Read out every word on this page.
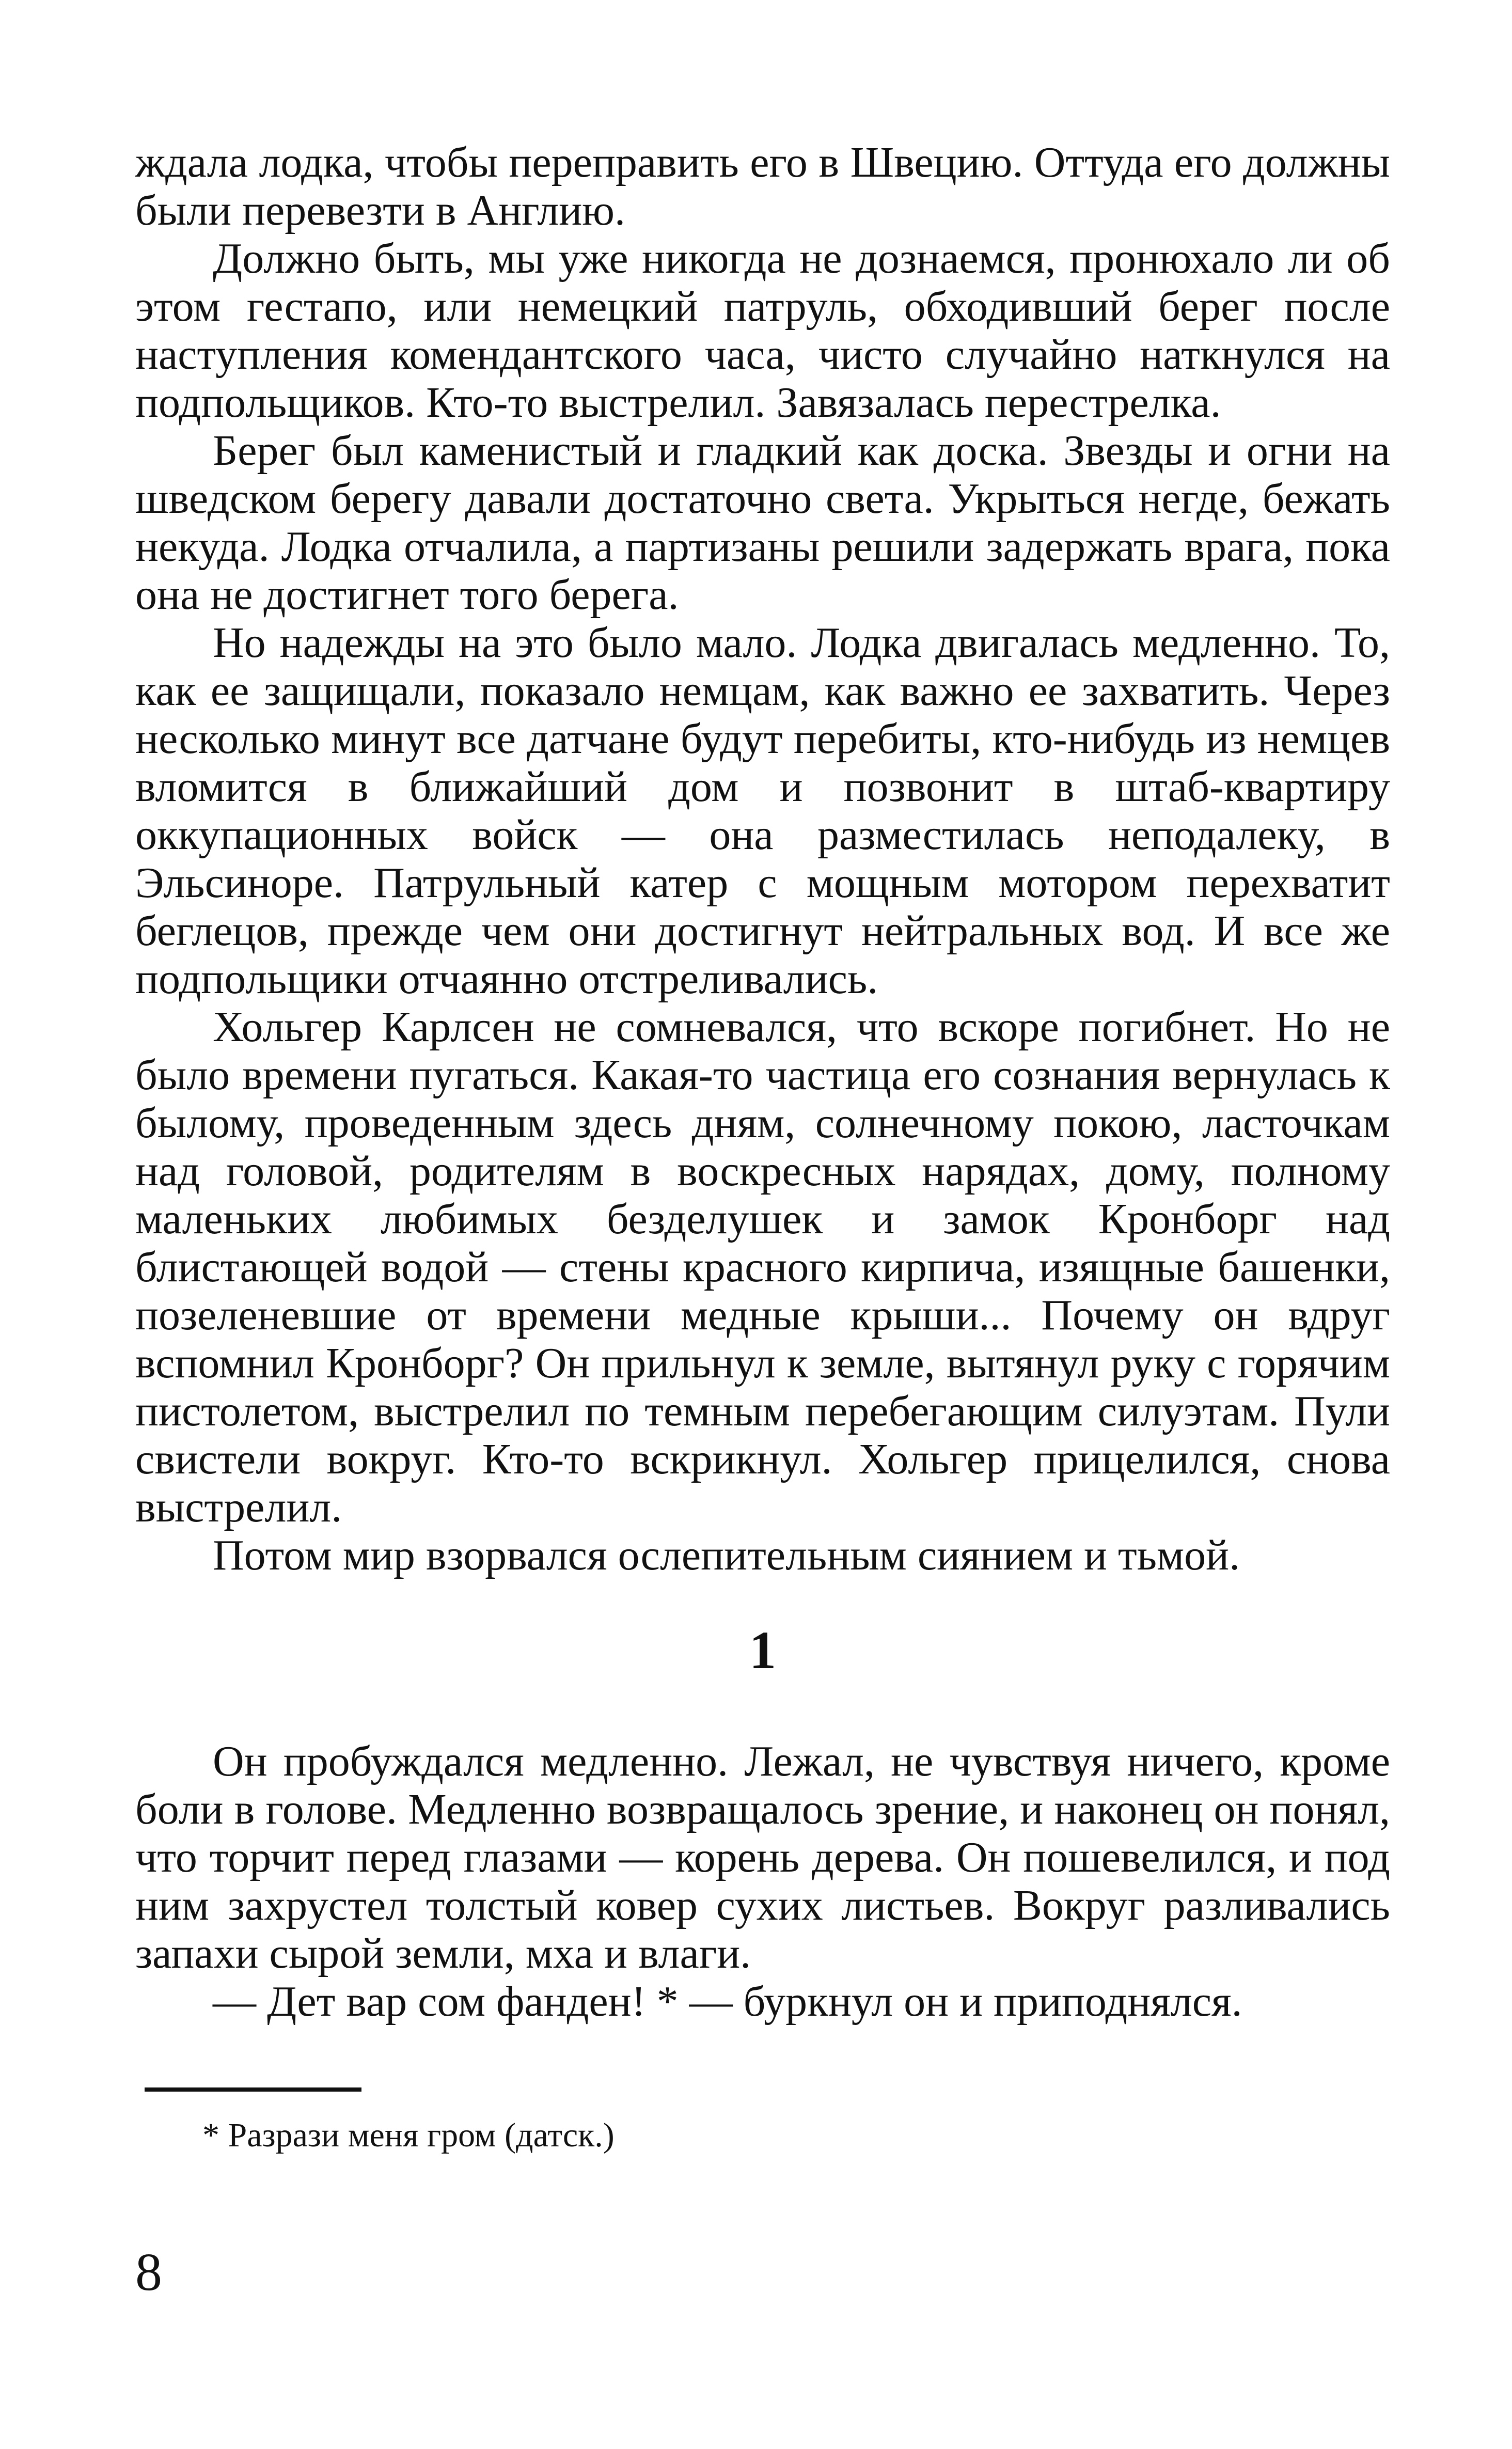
ждала лодка, чтобы переправить его в Швецию. Оттуда его должны были перевезти в Англию.

Должно быть, мы уже никогда не дознаемся, пронюхало ли об этом гестапо, или немецкий патруль, обходивший берег после наступления комендантского часа, чисто случайно наткнулся на подпольщиков. Кто-то выстрелил. Завязалась перестрелка.

Берег был каменистый и гладкий как доска. Звезды и огни на шведском берегу давали достаточно света. Укрыться негде, бежать некуда. Лодка отчалила, а партизаны решили задержать врага, пока она не достигнет того берега.

Но надежды на это было мало. Лодка двигалась медленно. То, как ее защищали, показало немцам, как важно ее захватить. Через несколько минут все датчане будут перебиты, кто-нибудь из немцев вломится в ближайший дом и позвонит в штаб-квартиру оккупационных войск — она разместилась неподалеку, в Эльсиноре. Патрульный катер с мощным мотором перехватит беглецов, прежде чем они достигнут нейтральных вод. И все же подпольщики отчаянно отстреливались.

Хольгер Карлсен не сомневался, что вскоре погибнет. Но не было времени пугаться. Какая-то частица его сознания вернулась к былому, проведенным здесь дням, солнечному покою, ласточкам над головой, родителям в воскресных нарядах, дому, полному маленьких любимых безделушек и замок Кронборг над блистающей водой — стены красного кирпича, изящные башенки, позеленевшие от времени медные крыши... Почему он вдруг вспомнил Кронборг? Он прильнул к земле, вытянул руку с горячим пистолетом, выстрелил по темным перебегающим силуэтам. Пули свистели вокруг. Кто-то вскрикнул. Хольгер прицелился, снова выстрелил.

Потом мир взорвался ослепительным сиянием и тьмой.

1

Он пробуждался медленно. Лежал, не чувствуя ничего, кроме боли в голове. Медленно возвращалось зрение, и наконец он понял, что торчит перед глазами — корень дерева. Он пошевелился, и под ним захрустел толстый ковер сухих листьев. Вокруг разливались запахи сырой земли, мха и влаги.

— Дет вар сом фанден! * — буркнул он и приподнялся.

* Разрази меня гром (датск.)

8
